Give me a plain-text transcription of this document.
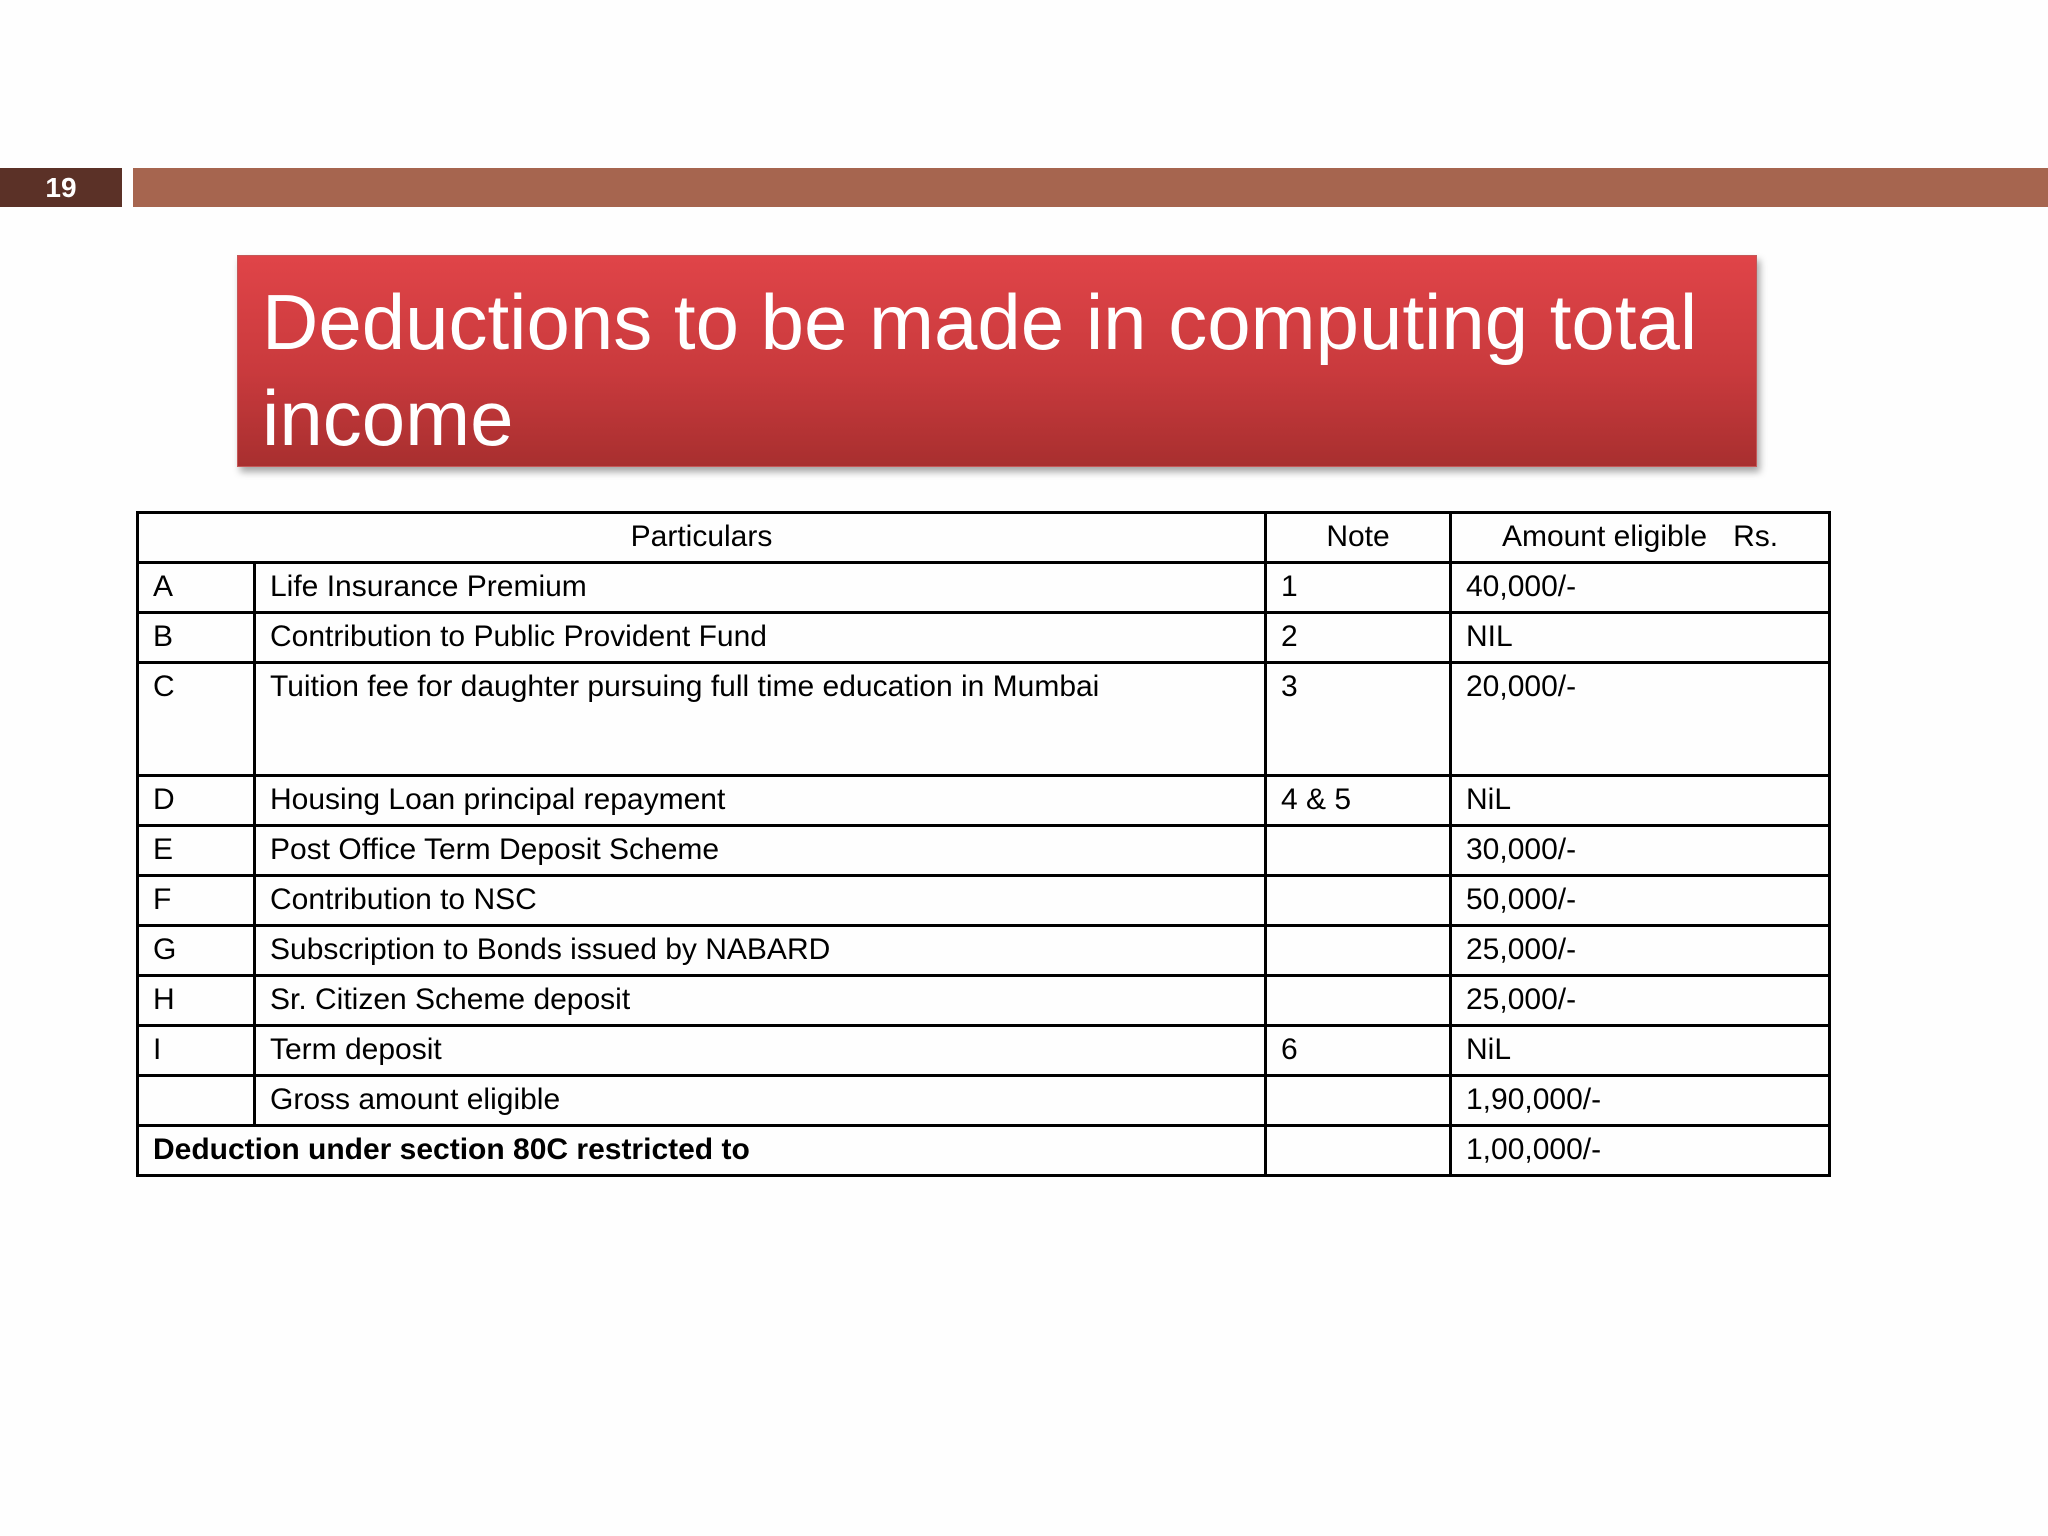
19
Deductions to be made in computing total income
Particulars		Note	Amount eligible Rs.
A	Life Insurance Premium	1	40,000/-
B	Contribution to Public Provident Fund	2	NIL
C	Tuition fee for daughter pursuing full time education in Mumbai	3	20,000/-
D	Housing Loan principal repayment	4 & 5	NiL
E	Post Office Term Deposit Scheme		30,000/-
F	Contribution to NSC		50,000/-
G	Subscription to Bonds issued by NABARD		25,000/-
H	Sr. Citizen Scheme deposit		25,000/-
I	Term deposit	6	NiL
	Gross amount eligible		1,90,000/-
Deduction under section 80C restricted to			1,00,000/-
